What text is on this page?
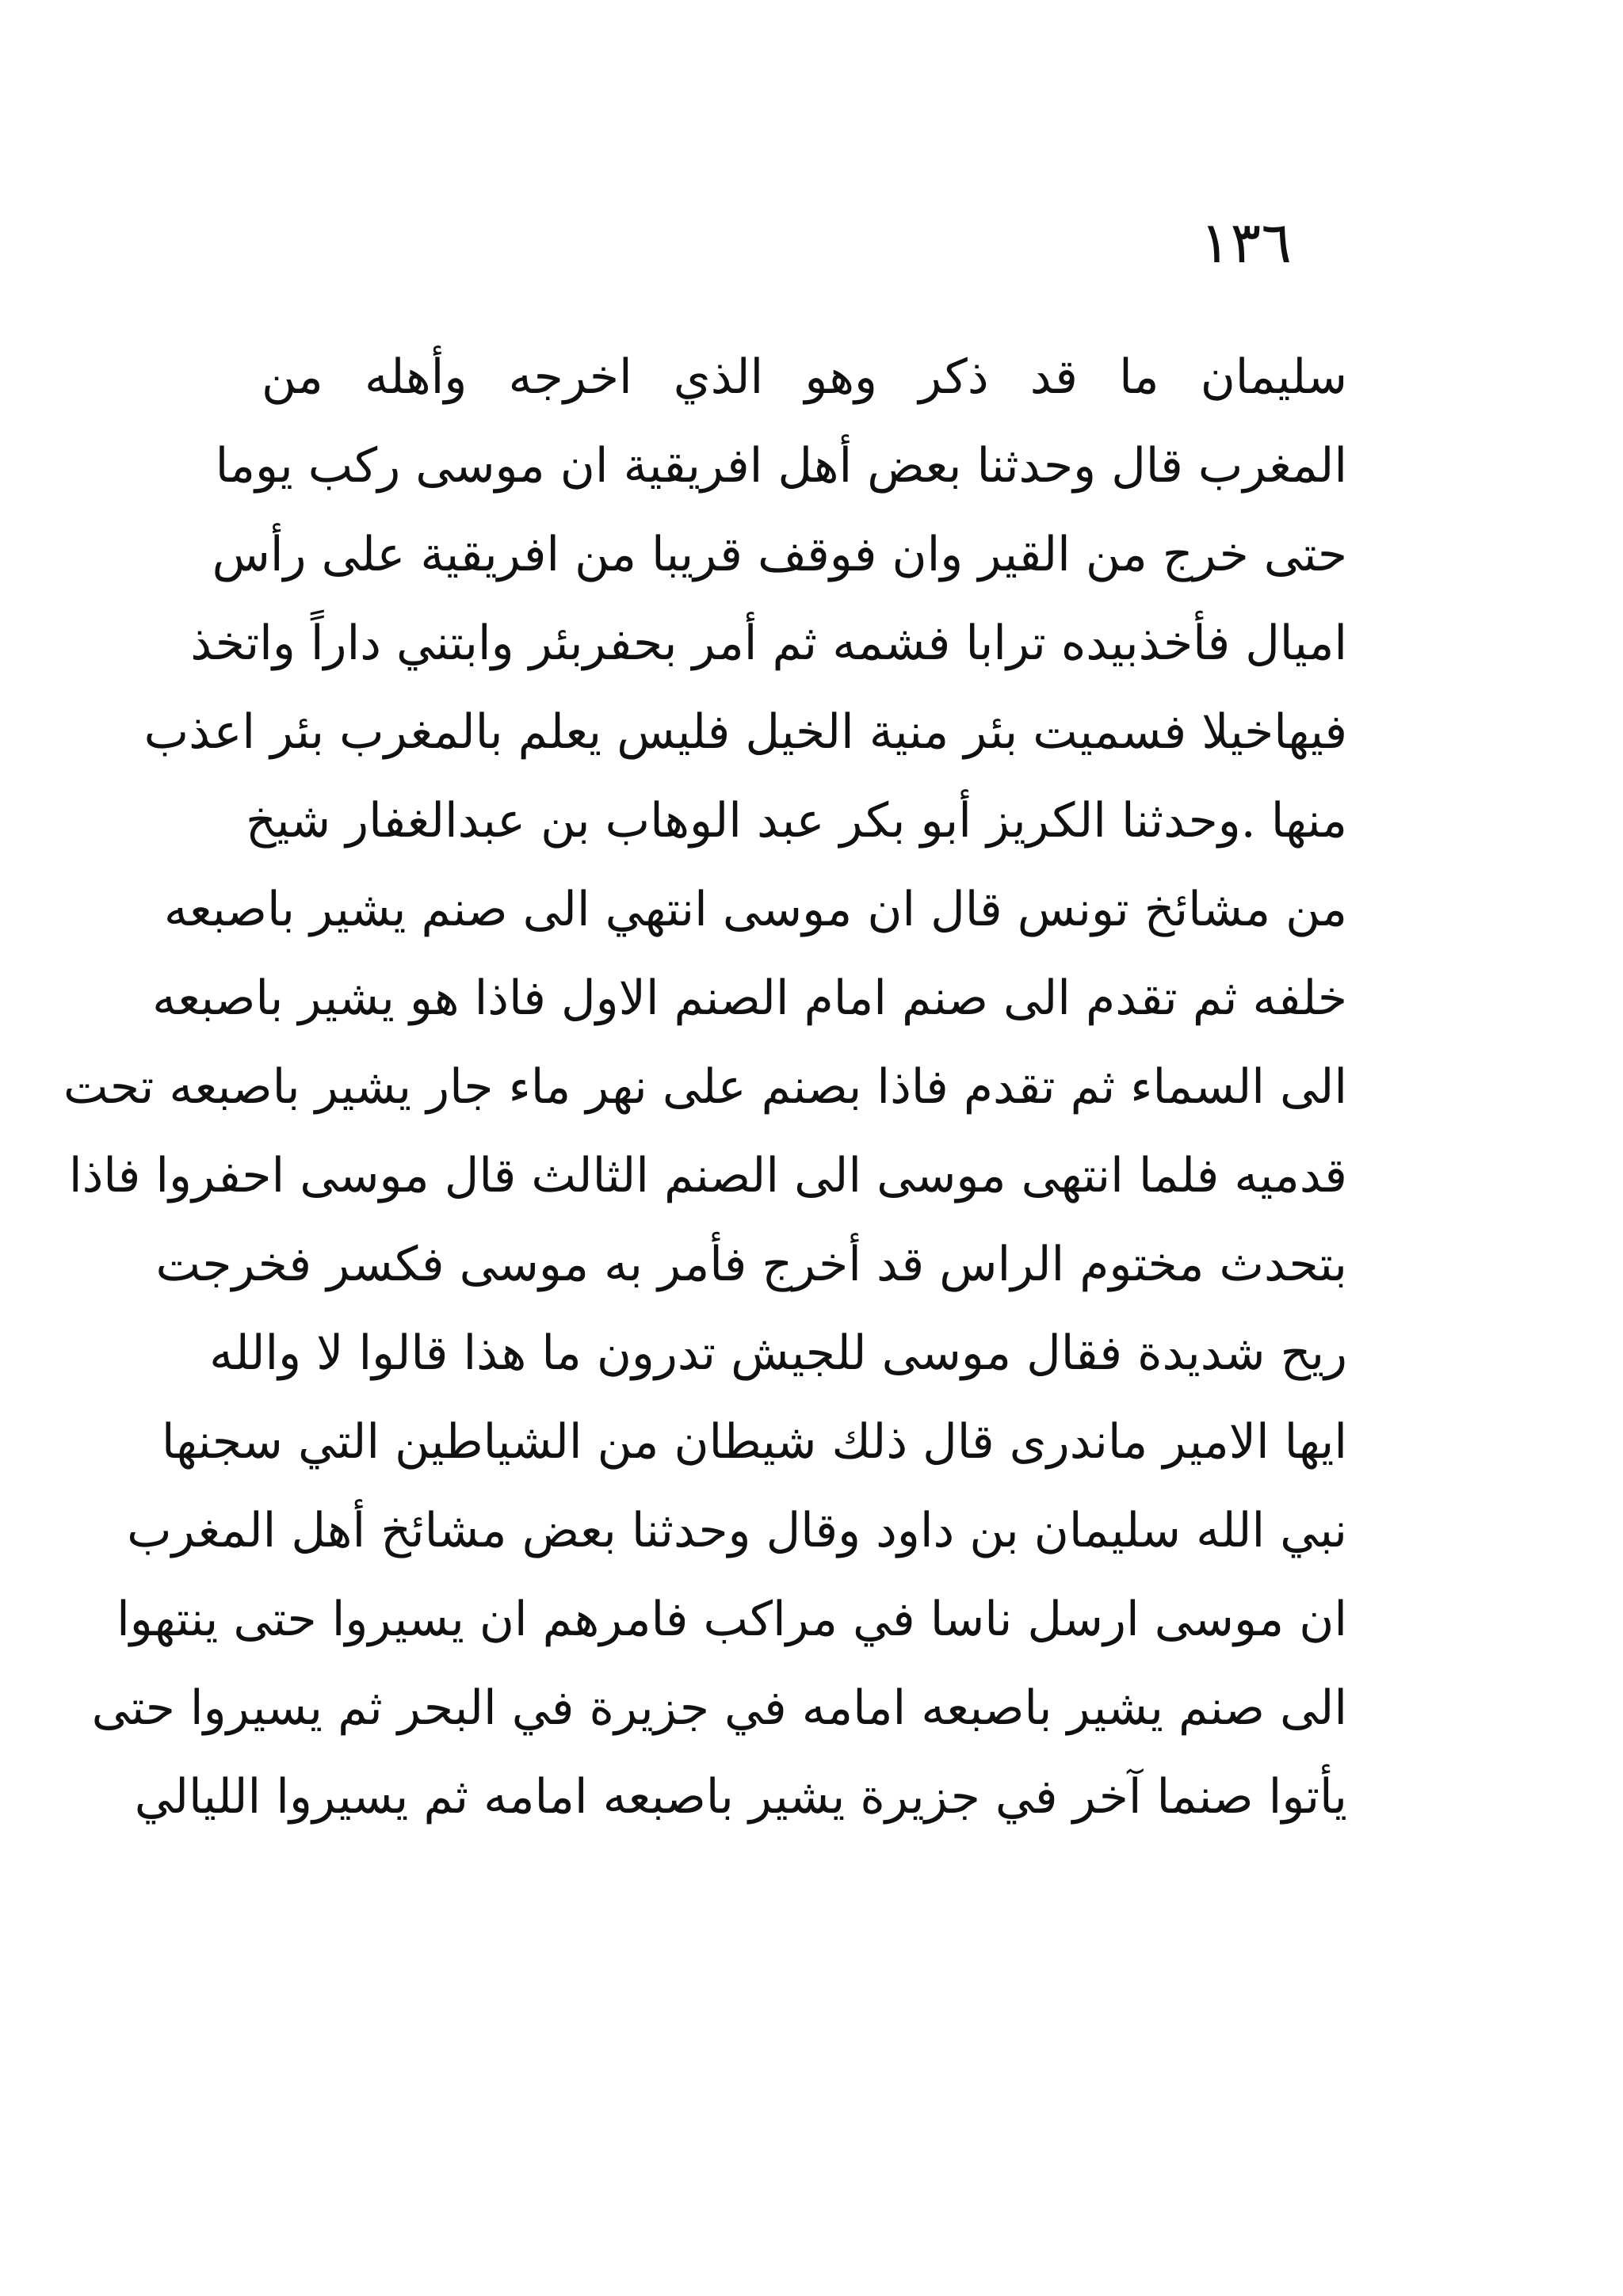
١٣٦
سليمان ما قد ذكر وهو الذي اخرجه وأهله من
المغرب قال وحدثنا بعض أهل افريقية ان موسى ركب يوما
حتى خرج من القير وان فوقف قريبا من افريقية على رأس
اميال فأخذبيده ترابا فشمه ثم أمر بحفربئر وابتني داراً واتخذ
فيهاخيلا فسميت بئر منية الخيل فليس يعلم بالمغرب بئر اعذب
منها .وحدثنا الكريز أبو بكر عبد الوهاب بن عبدالغفار شيخ
من مشائخ تونس قال ان موسى انتهي الى صنم يشير باصبعه
خلفه ثم تقدم الى صنم امام الصنم الاول فاذا هو يشير باصبعه
الى السماء ثم تقدم فاذا بصنم على نهر ماء جار يشير باصبعه تحت
قدميه فلما انتهى موسى الى الصنم الثالث قال موسى احفروا فاذا
بتحدث مختوم الراس قد أخرج فأمر به موسى فكسر فخرجت
ريح شديدة فقال موسى للجيش تدرون ما هذا قالوا لا والله
ايها الامير ماندرى قال ذلك شيطان من الشياطين التي سجنها
نبي الله سليمان بن داود وقال وحدثنا بعض مشائخ أهل المغرب
ان موسى ارسل ناسا في مراكب فامرهم ان يسيروا حتى ينتهوا
الى صنم يشير باصبعه امامه في جزيرة في البحر ثم يسيروا حتى
يأتوا صنما آخر في جزيرة يشير باصبعه امامه ثم يسيروا الليالي
